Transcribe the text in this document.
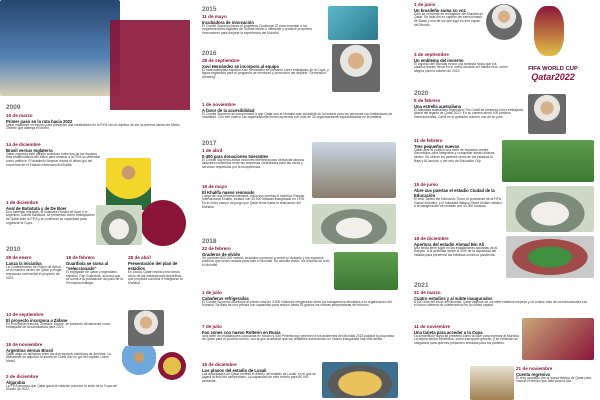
2009
16 de marzo
Primer paso en la ruta hacia 2022
Qatar establece su equipo para presentar una candidatura en la FIFA con el objetivo de ser la primera nación de Medio Oriente que alberga el torneo.
14 de diciembre
Brasil versus Inglaterra
Qatar organiza este partido amistoso entre dos de los equipos más emblemáticos del fútbol para mostrar a la FIFA su potencial como anfitrión. El brasileño Neymar marca el último gol del encuentro en el Estadio Internacional Khalifa.
1 de diciembre
Aval de Batistuta y de De Boer
Dos estrellas retiradas, el holandés Ronald de Boer y el argentino Gabriel Batistuta, se presentan como embajadores de Qatar ante la FIFA y la confirman su capacidad para organizar la Copa.
2010
29 de enero
Lanza la iniciativa
La Confederación de Fútbol de África se encuentra dentro de Qatar y elogia relevancia continental el proyecto de 2022.
18 de febrero
Guardiola se suma al "seleccionado"
El exjugador de Qatar y legendario español, Pep Guardiola, anuncia que se suma a la postulación del país de la Península Arábiga.
28 de abril
Presentación del plan de estadios
En Dubái, Qatar revela cómo serán cinco de las instalaciones deportivas que proyecta construir e integrarse al Mundial.
13 de septiembre
El proyecto incorpora a Zidane
En el entrante francés, Zinedine Zidane, se presentó oficialmente como embajador de la candidatura para 2022.
19 de noviembre
Argentina versus Brasil
Qatar aloja un amistoso entre las dos equipos históricos de América. La albiceleste se adjudicó el triunfo en Doha con un gol del capitán Lionel Messi.
2 de diciembre
Algarabía
La FIFA anuncia que Qatar gana la votación para ser la sede de la Copa del Mundo de 2022.
2015
11 de mayo
Incubadora de innovación
El Comité Supremo lanza el programa Challenge 22 para conectar a los emprendedores digitales de Oriente Medio e instruirse y producir proyectos innovadores para mejorar la experiencia del Mundial.
2016
28 de septiembre
Xavi Hernández se incorpora al equipo
El mediocampista español Xavi Hernández se presentó como embajador de la Copa, y figura registrada para el programa de mentores y promoción del deporte "Generation Amazing".
1 de noviembre
A favor de la accesibilidad
El Comité Supremo se compromete a que Qatar sea el Mundial más accesible de la historia para las personas con limitaciones de movilidad. Con ese motivo, las organizadoras firman acuerdos con más de 30 organizaciones especializadas en la materia.
2017
1 de abril
0-400 para donaciones tolerantes
El Comité Supremo activa una línea telefónica para denunciar abusos laborales cometidos entre las empresas contratadas para las obras y servicios requeridos por la competencia.
19 de mayo
El Khalifa nuevo renovado
Luego de una reforma intensiva, inicia sus puertas el histórico Estadio Internacional Khalifa, inciado con 45.000 butacas inaugurado en 1976. Es el único campo de juego que Qatar tenía hasta la realización del Mundial.
2018
22 de febrero
Graderos de olvido
Se conocen 600.000 nuevos custodios comencé a cerrar el olvidado y los espacios públicos que serán usadas para todo el Mundial. De sencilla visión, los hinchas de todo el Mundial.
1 de julio
Cabañeras refrigeradas
El Comité Supremo distribuye al primer total de 3.500 chalecos refrigerados entre los trabajadores afectados a la organización del Mundial. Se trata de una prenda con capacidad para reducir hasta 15 grados las últimas temperaturas del entorno.
7 de julio
Fan zones con nuevo Rotterin en Rusia
Una serie de instalaciones colocadas en Moscú y San Petersburgo permiten a los asistentes del Mundial 2018 palpitar la propuesta de Qatar para el próximo torneo, con la que promueve que los visitantes sobrevuelan un museo inaugurado hay más arriba.
15 de diciembre
Los planos del estadio de Lusail
Las autoridades de Qatar revelan el diseño del estadio de Lusail, en el que se jugará la final del campeonato. La capacidad de este recinto para 80.000 personas.
1 de junio
Un brasileño suma su voz
Cafú se convierte en embajador del Mundial de Qatar. Se trata del ex capitán del seleccionado de Brasil y uno de los que jugó en tres copas del Mundo.
3 de septiembre
Un emblema del invierno
El logotipo del Mundial evoca una bufanda típica que los catarios suelen llevar en el cuello durante los meses fríos, cómo alegría para la edición de 2022.
2020
5 de febrero
Una estrella australiana
El futbolista australiano legendario Tim Cahill se presenta como embajador global del legado de Qatar 2022. En su carrera anotó 108 partidos internacionales, Cahill es el goleador número uno de su país.
11 de febrero
Tres pequeños nuevos
Qatar abre al público una serie de espacios verdes concebidos para integrarse y conquistar áreas urbanas dentro. Se ubican los jardines cerca de los estadios Al Bayt y Al Janoub, y del otro de Education City.
15 de junio
Abre sus puertas el estadio Ciudad de la Educación
El emir Tamim bin Hamad Al Thani, el presidente de la FIFA, Gianni Infantino, y el futbolista italiano Pedro Mulder asisten a la inauguración del estadio con 40.000 butacas.
18 de diciembre
Apertura del estadio Ahmad Bin Ali
Una fiesta tiene lugar en las instalaciones ancianas de Al Rayyan. A la actividad asiste el 30% de la capacidad del estadio para preservar las medidas contra la pandemia.
2021
31 de marzo
Cuatro estadios y al subte inaugurados
A 600 días del inicio del Mundial, Qatar dispone de los siete estadios mejores y un enlace más de comunicaciones con el nuevo sistema de subterráneos en la ciudad capital.
11 de noviembre
Una tarjeta para acceder a la Copa
La credencial Hayya se presentó como la llave para ingresar al Mundial. La tarjeta tendrá beneficios, como transporte gratuito, y se exhibirán su obligatoria para quienes presenten entradas para los partidos.
21 de noviembre
Cuenta regresiva
El reloj aportado por la nueva fábrica de Qatar para marcar el tiempo que falta para la cita.
FIFA WORLD CUP
Qatar2022
